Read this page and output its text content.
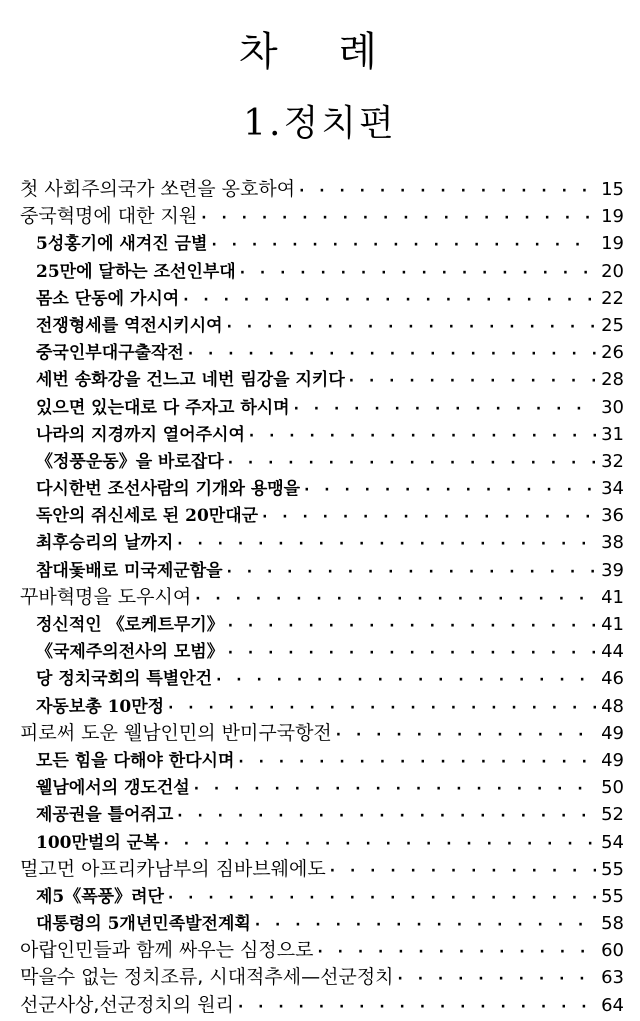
차 례
1.정치편
첫 사회주의국가 쏘련을 옹호하여 · · ·	15
중국혁명에 대한 지원 · · ·	19
5성홍기에 새겨진 금별 · · ·	19
25만에 달하는 조선인부대 · · ·	20
몸소 단동에 가시여 · · ·	22
전쟁형세를 역전시키시여 · · ·	25
중국인부대구출작전 · · ·	26
세번 송화강을 건느고 네번 림강을 지키다 · · ·	28
있으면 있는대로 다 주자고 하시며 · · ·	30
나라의 지경까지 열어주시여 · · ·	31
《정풍운동》을 바로잡다 · · ·	32
다시한번 조선사람의 기개와 용맹을 · · ·	34
독안의 쥐신세로 된 20만대군 · · ·	36
최후승리의 날까지 · · ·	38
참대돛배로 미국제군함을 · · ·	39
꾸바혁명을 도우시여 · · ·	41
정신적인 《로케트무기》 · · ·	41
《국제주의전사의 모범》 · · ·	44
당 정치국회의 특별안건 · · ·	46
자동보총 10만정 · · ·	48
피로써 도운 웰남인민의 반미구국항전 · · ·	49
모든 힘을 다해야 한다시며 · · ·	49
웰남에서의 갱도건설 · · ·	50
제공권을 틀어쥐고 · · ·	52
100만벌의 군복 · · ·	54
멀고먼 아프리카남부의 짐바브웨에도 · · ·	55
제5《폭풍》려단 · · ·	55
대통령의 5개년민족발전계획 · · ·	58
아랍인민들과 함께 싸우는 심정으로 · · ·	60
막을수 없는 정치조류, 시대적추세—선군정치 · · ·	63
선군사상,선군정치의 원리 · · ·	64
